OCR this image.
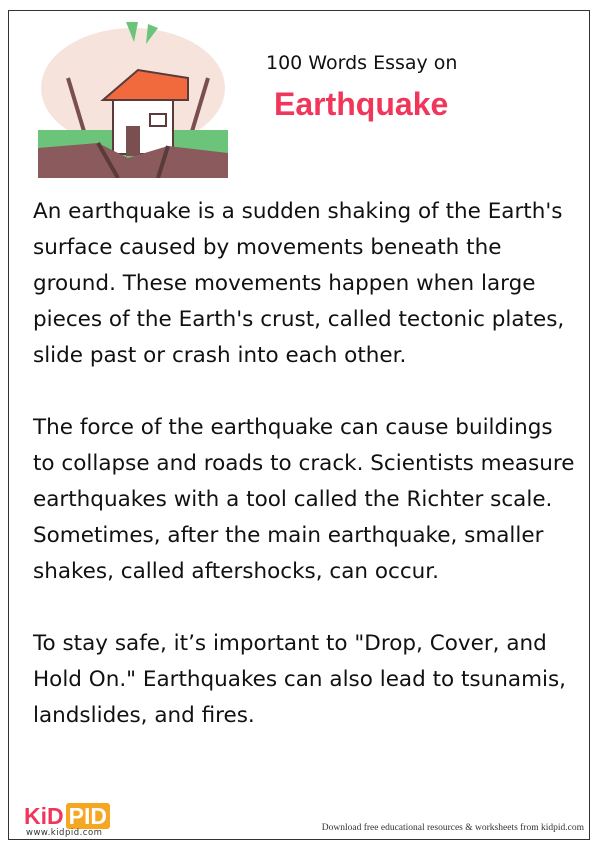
100 Words Essay on
Earthquake

An earthquake is a sudden shaking of the Earth's surface caused by movements beneath the ground. These movements happen when large pieces of the Earth's crust, called tectonic plates, slide past or crash into each other.

The force of the earthquake can cause buildings to collapse and roads to crack. Scientists measure earthquakes with a tool called the Richter scale. Sometimes, after the main earthquake, smaller shakes, called aftershocks, can occur.

To stay safe, it’s important to "Drop, Cover, and Hold On." Earthquakes can also lead to tsunamis, landslides, and fires.

KiD PID
www.kidpid.com	Download free educational resources & worksheets from kidpid.com
